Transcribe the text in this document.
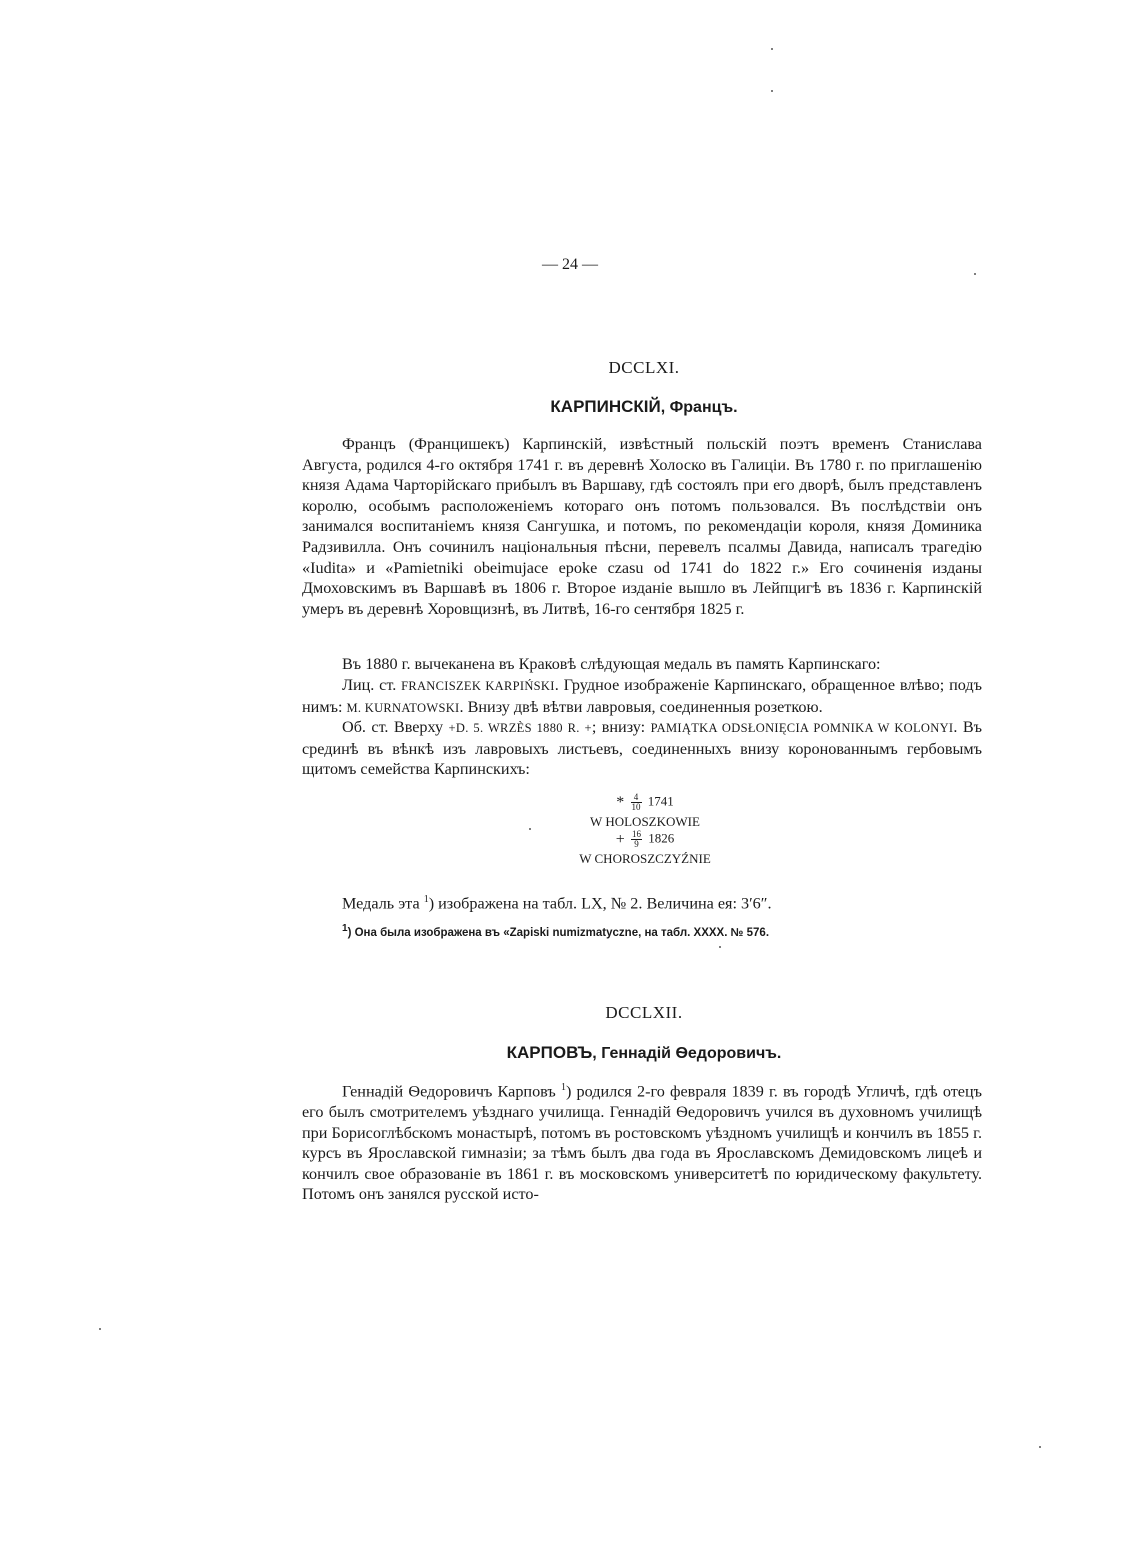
— 24 —
DCCLXI.
КАРПИНСКІЙ, Францъ.

Францъ (Францишекъ) Карпинскій, извѣстный польскій поэтъ временъ Станислава Августа, родился 4-го октября 1741 г. въ деревнѣ Холоско въ Галиціи. Въ 1780 г. по приглашенію князя Адама Чарторійскаго прибылъ въ Варшаву, гдѣ состоялъ при его дворѣ, былъ представленъ королю, особымъ расположеніемъ котораго онъ потомъ пользовался. Въ послѣдствіи онъ занимался воспитаніемъ князя Сангушка, и потомъ, по рекомендаціи короля, князя Доминика Радзивилла. Онъ сочинилъ національныя пѣсни, перевелъ псалмы Давида, написалъ трагедію «Iudita» и «Pamietniki obeimujace epoke czasu od 1741 do 1822 г.» Его сочиненія изданы Дмоховскимъ въ Варшавѣ въ 1806 г. Второе изданіе вышло въ Лейпцигѣ въ 1836 г. Карпинскій умеръ въ деревнѣ Хоровщизнѣ, въ Литвѣ, 16-го сентября 1825 г.

Въ 1880 г. вычеканена въ Краковѣ слѣдующая медаль въ память Карпинскаго:

Лиц. ст. FRANCISZEK KARPIŃSKI. Грудное изображеніе Карпинскаго, обращенное влѣво; подъ нимъ: M. KURNATOWSKI. Внизу двѣ вѣтви лавровыя, соединенныя розеткою.

Об. ст. Вверху +D. 5. WRZÈS 1880 R. +; внизу: PAMIĄTKA ODSŁONIĘCIA POMNIKA W KOLONYI. Въ срединѣ въ вѣнкѣ изъ лавровыхъ листьевъ, соединенныхъ внизу коронованнымъ гербовымъ щитомъ семейства Карпинскихъ:

* $\frac{4}{10} 1741$
W HOLOSZKOWIE
+ $\frac{16}{9} 1826$
W CHOROSZCZYŹNIE
Медаль эта $^1$) изображена на табл. LX, № 2. Величина ея: 3′6″.
$^1$) Она была изображена въ «Zapiski numizmatyczne, на табл. XXXX. № 576.
DCCLXII.
КАРПОВЪ, Геннадій Ѳедоровичъ.

Геннадій Ѳедоровичъ Карповъ $^1$) родился 2-го февраля 1839 г. въ городѣ Угличѣ, гдѣ отецъ его былъ смотрителемъ уѣзднаго училища. Геннадій Ѳедоровичъ учился въ духовномъ училищѣ при Борисоглѣбскомъ монастырѣ, потомъ въ ростовскомъ уѣздномъ училищѣ и кончилъ въ 1855 г. курсъ въ Ярославской гимназіи; за тѣмъ былъ два года въ Ярославскомъ Демидовскомъ лицеѣ и кончилъ свое образованіе въ 1861 г. въ московскомъ университетѣ по юридическому факультету. Потомъ онъ занялся русской исто-
